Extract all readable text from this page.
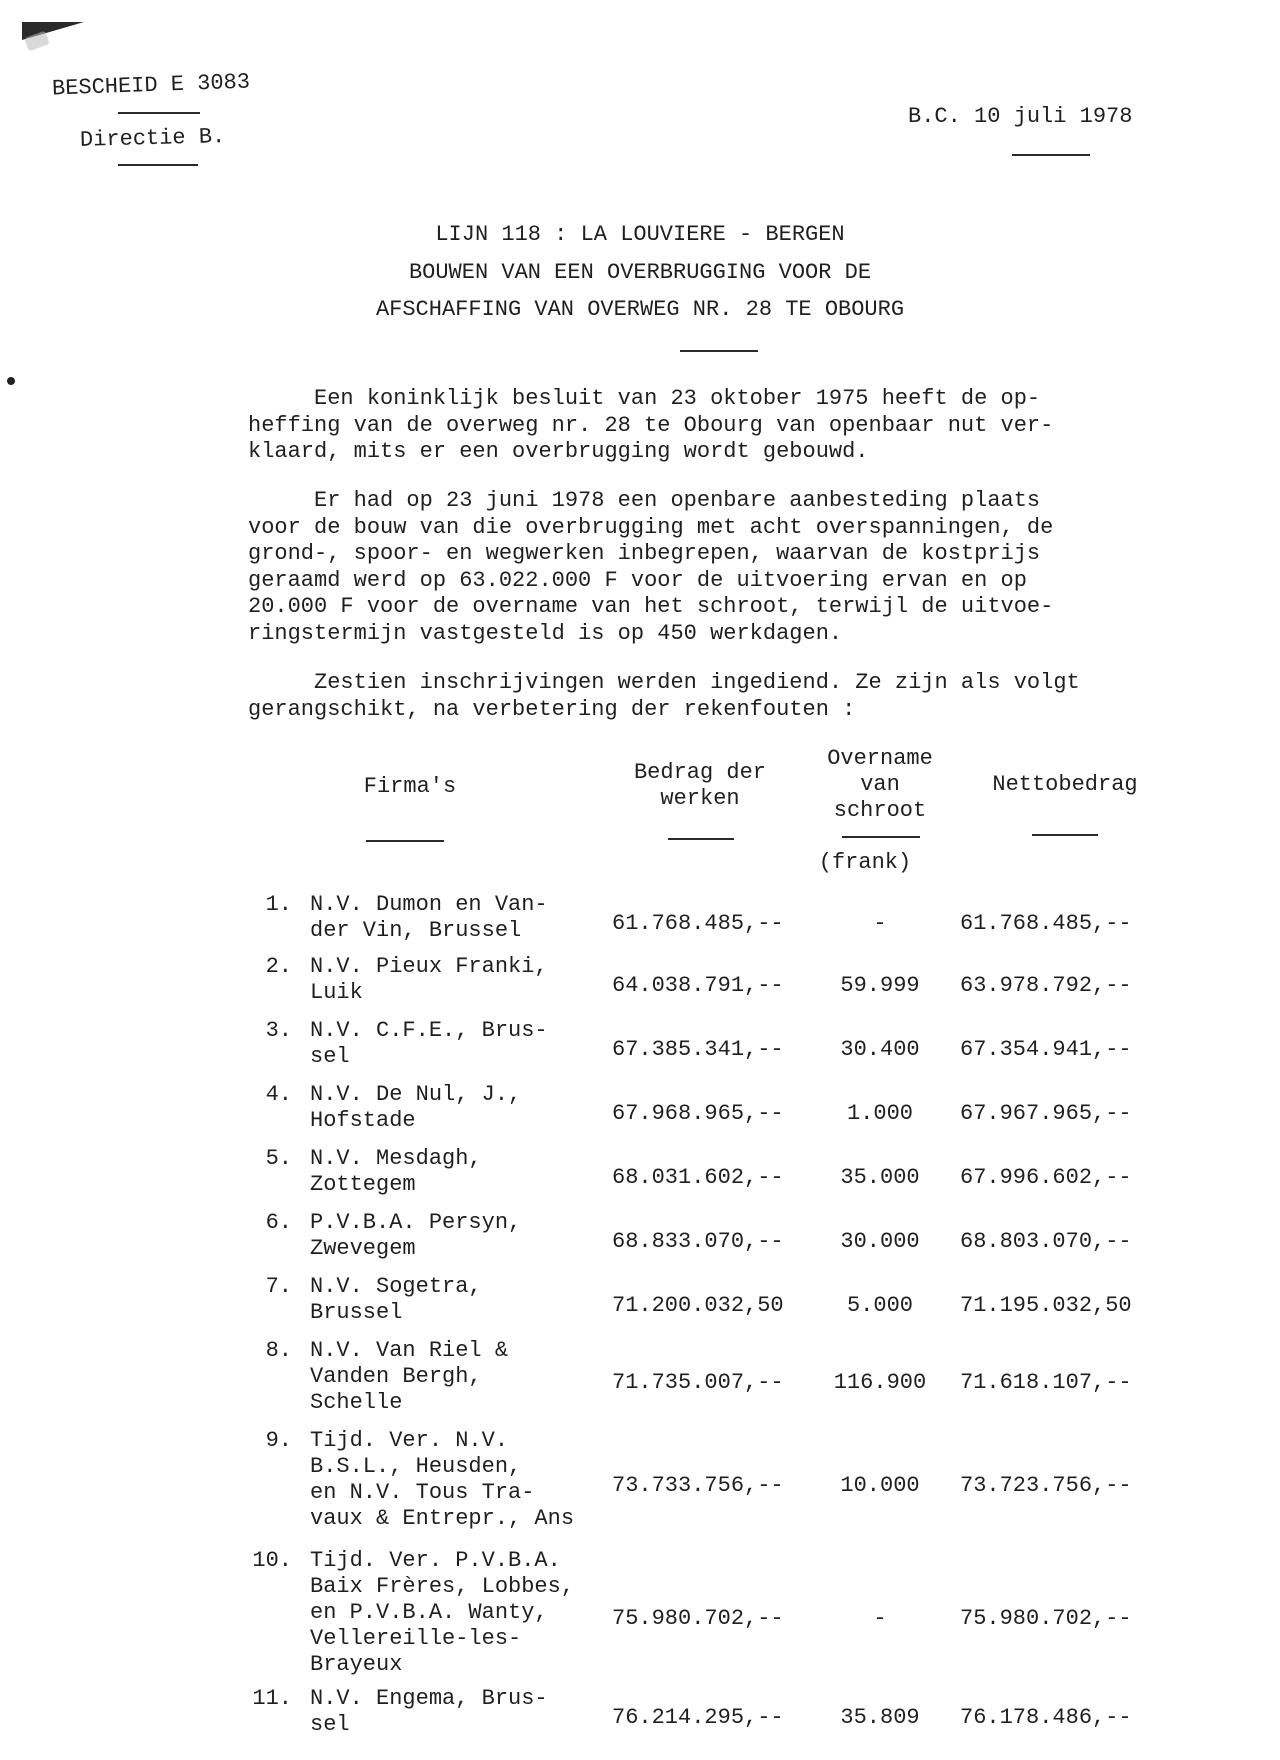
BESCHEID E 3083
Directie B.
B.C. 10 juli 1978
LIJN 118 : LA LOUVIERE - BERGEN
BOUWEN VAN EEN OVERBRUGGING VOOR DE
AFSCHAFFING VAN OVERWEG NR. 28 TE OBOURG
Een koninklijk besluit van 23 oktober 1975 heeft de op-
heffing van de overweg nr. 28 te Obourg van openbaar nut ver-
klaard, mits er een overbrugging wordt gebouwd.
Er had op 23 juni 1978 een openbare aanbesteding plaats
voor de bouw van die overbrugging met acht overspanningen, de
grond-, spoor- en wegwerken inbegrepen, waarvan de kostprijs
geraamd werd op 63.022.000 F voor de uitvoering ervan en op
20.000 F voor de overname van het schroot, terwijl de uitvoe-
ringstermijn vastgesteld is op 450 werkdagen.
Zestien inschrijvingen werden ingediend. Ze zijn als volgt
gerangschikt, na verbetering der rekenfouten :
Firma's
Bedrag der
werken
Overname
van
schroot
Nettobedrag
(frank)
1. N.V. Dumon en Van-
der Vin, Brussel	61.768.485,--	-	61.768.485,--
2. N.V. Pieux Franki,
Luik	64.038.791,--	59.999	63.978.792,--
3. N.V. C.F.E., Brus-
sel	67.385.341,--	30.400	67.354.941,--
4. N.V. De Nul, J.,
Hofstade	67.968.965,--	1.000	67.967.965,--
5. N.V. Mesdagh,
Zottegem	68.031.602,--	35.000	67.996.602,--
6. P.V.B.A. Persyn,
Zwevegem	68.833.070,--	30.000	68.803.070,--
7. N.V. Sogetra,
Brussel	71.200.032,50	5.000	71.195.032,50
8. N.V. Van Riel &
Vanden Bergh,
Schelle
71.735.007,--	116.900	71.618.107,--
9. Tijd. Ver. N.V.
B.S.L., Heusden,
en N.V. Tous Tra-
vaux & Entrepr., Ans
73.733.756,--	10.000	73.723.756,--
10. Tijd. Ver. P.V.B.A.
Baix Frères, Lobbes,
en P.V.B.A. Wanty,
Vellereille-les-
Brayeux
75.980.702,--	-	75.980.702,--
11. N.V. Engema, Brus-
sel	76.214.295,--	35.809	76.178.486,--
